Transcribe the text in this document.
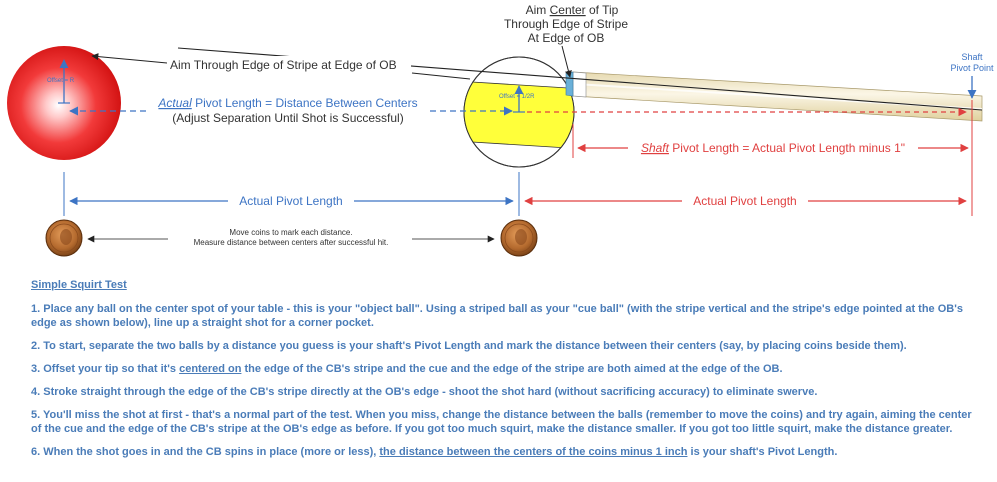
Offset = R
Offset = 1/2R
Aim Through Edge of Stripe at Edge of OB
Aim Center of Tip
Through Edge of Stripe
At Edge of OB
Shaft
Pivot Point
Actual Pivot Length = Distance Between Centers
(Adjust Separation Until Shot is Successful)
Shaft Pivot Length = Actual Pivot Length minus 1"
Actual Pivot Length	Actual Pivot Length
Move coins to mark each distance.
Measure distance between centers after successful hit.
Simple Squirt Test

1. Place any ball on the center spot of your table - this is your "object ball". Using a striped ball as your "cue ball" (with the stripe vertical and the stripe's edge pointed at the OB's edge as shown below), line up a straight shot for a corner pocket.

2. To start, separate the two balls by a distance you guess is your shaft's Pivot Length and mark the distance between their centers (say, by placing coins beside them).

3. Offset your tip so that it's centered on the edge of the CB's stripe and the cue and the edge of the stripe are both aimed at the edge of the OB.

4. Stroke straight through the edge of the CB's stripe directly at the OB's edge - shoot the shot hard (without sacrificing accuracy) to eliminate swerve.

5. You'll miss the shot at first - that's a normal part of the test. When you miss, change the distance between the balls (remember to move the coins) and try again, aiming the center of the cue and the edge of the CB's stripe at the OB's edge as before. If you got too much squirt, make the distance smaller. If you got too little squirt, make the distance greater.

6. When the shot goes in and the CB spins in place (more or less), the distance between the centers of the coins minus 1 inch is your shaft's Pivot Length.
